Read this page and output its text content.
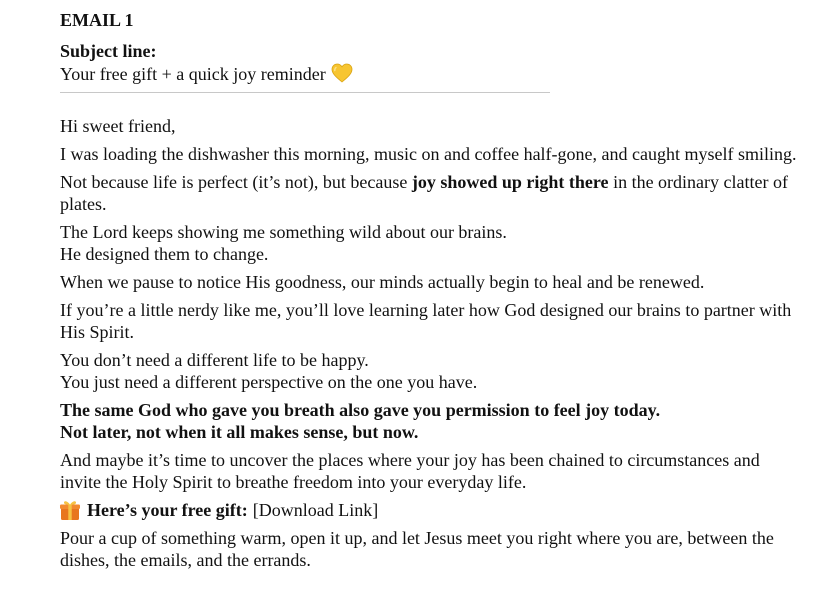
EMAIL 1
Subject line:
Your free gift + a quick joy reminder

Hi sweet friend,

I was loading the dishwasher this morning, music on and coffee half-gone, and caught myself smiling.

Not because life is perfect (it’s not), but because joy showed up right there in the ordinary clatter of plates.

The Lord keeps showing me something wild about our brains.
He designed them to change.

When we pause to notice His goodness, our minds actually begin to heal and be renewed.

If you’re a little nerdy like me, you’ll love learning later how God designed our brains to partner with His Spirit.

You don’t need a different life to be happy.
You just need a different perspective on the one you have.

The same God who gave you breath also gave you permission to feel joy today.
Not later, not when it all makes sense, but now.

And maybe it’s time to uncover the places where your joy has been chained to circumstances and invite the Holy Spirit to breathe freedom into your everyday life.

Here’s your free gift: [Download Link]

Pour a cup of something warm, open it up, and let Jesus meet you right where you are, between the dishes, the emails, and the errands.
